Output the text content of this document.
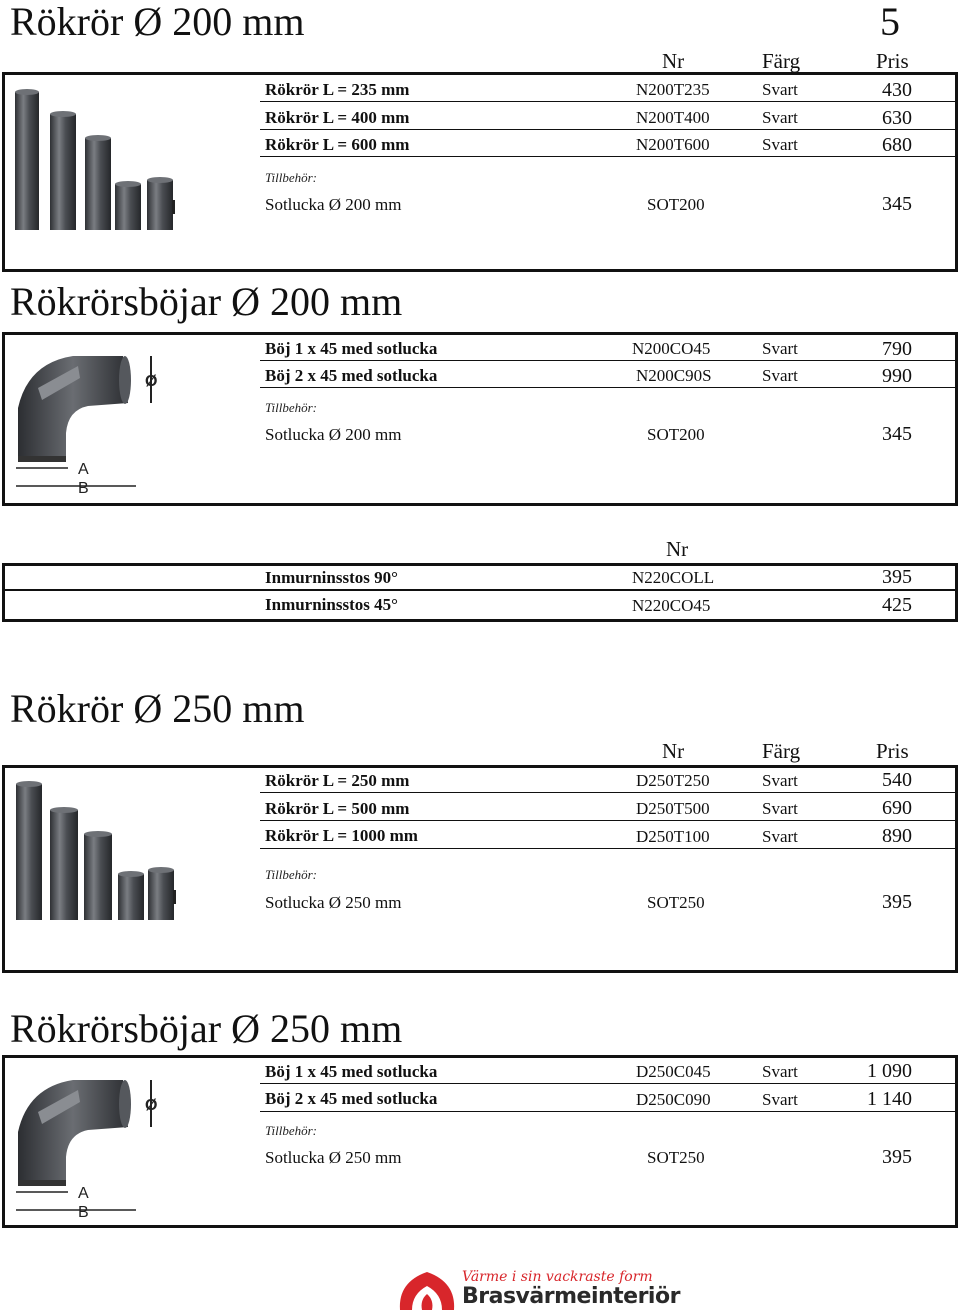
Rökrör Ø 200 mm	5
Nr	Färg	Pris
Rökrör L = 235 mm	N200T235	Svart	430
Rökrör L = 400 mm	N200T400	Svart	630
Rökrör L = 600 mm	N200T600	Svart	680
Tillbehör:
Sotlucka Ø 200 mm	SOT200	345
Rökrörsböjar Ø 200 mm
Ø
A
B
Böj 1 x 45 med sotlucka	N200CO45	Svart	790
Böj 2 x 45 med sotlucka	N200C90S	Svart	990
Tillbehör:
Sotlucka Ø 200 mm	SOT200	345
Nr
Inmurninsstos 90°	N220COLL	395
Inmurninsstos 45°	N220CO45	425
Rökrör Ø 250 mm
Nr	Färg	Pris
Rökrör L = 250 mm	D250T250	Svart	540
Rökrör L = 500 mm	D250T500	Svart	690
Rökrör L = 1000 mm	D250T100	Svart	890
Tillbehör:
Sotlucka Ø 250 mm	SOT250	395
Rökrörsböjar Ø 250 mm
Ø
A
B
Böj 1 x 45 med sotlucka	D250C045	Svart	1 090
Böj 2 x 45 med sotlucka	D250C090	Svart	1 140
Tillbehör:
Sotlucka Ø 250 mm	SOT250	395
Värme i sin vackraste form
Brasvärmeinteriör
